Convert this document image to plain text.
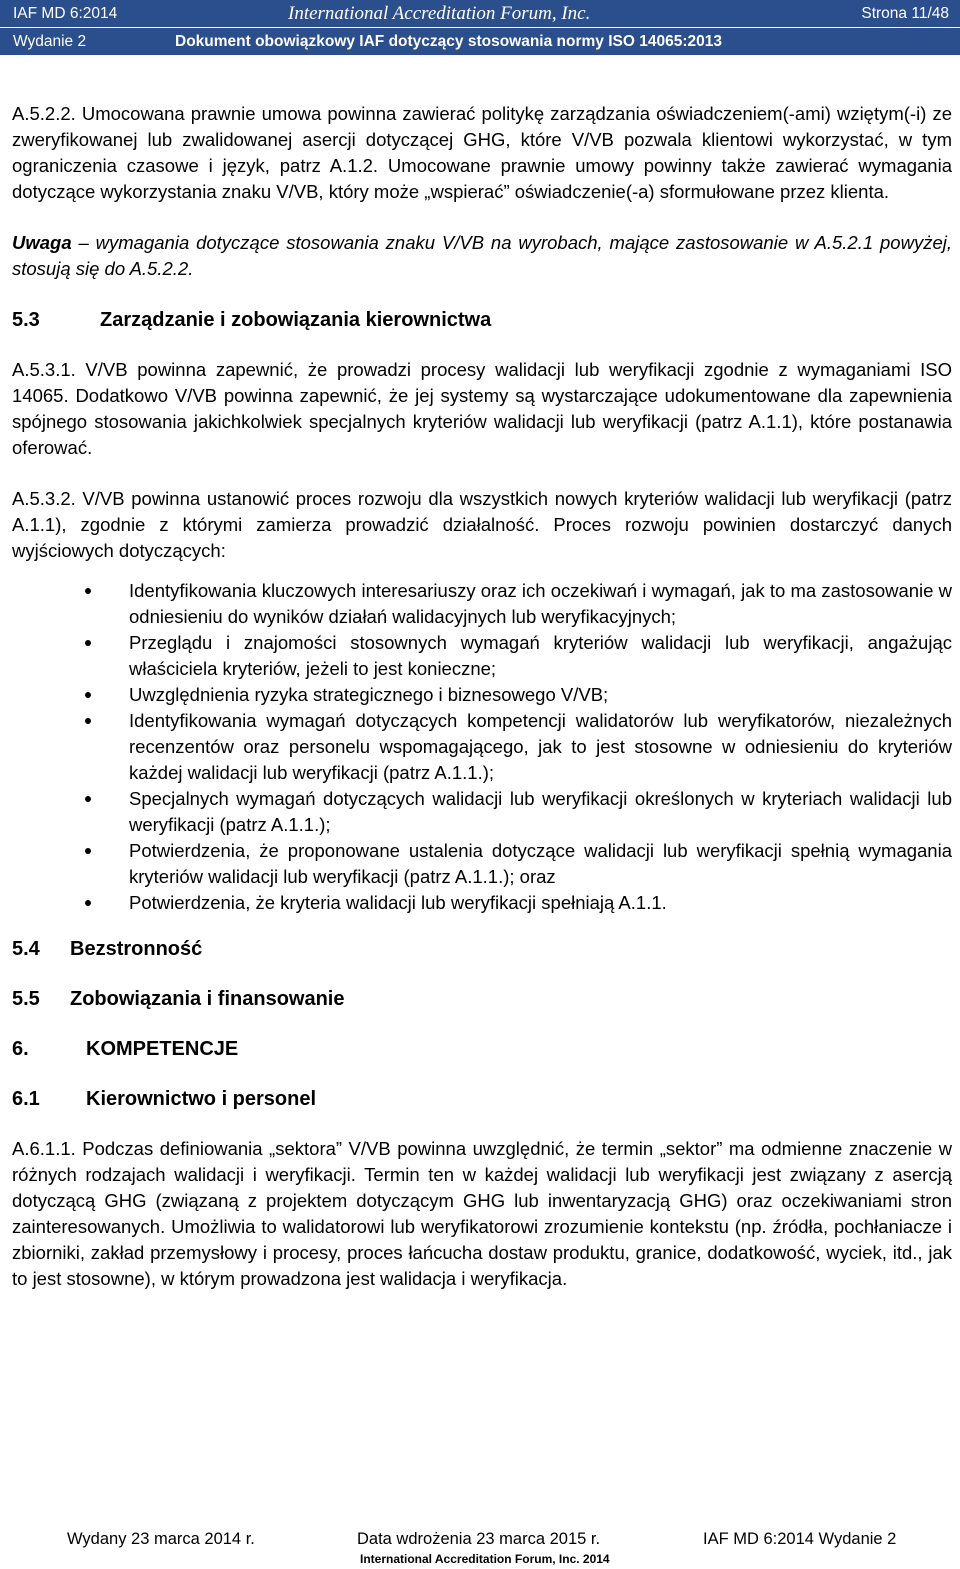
IAF MD 6:2014	International Accreditation Forum, Inc.	Strona 11/48
Wydanie 2	Dokument obowiązkowy IAF dotyczący stosowania normy ISO 14065:2013

A.5.2.2. Umocowana prawnie umowa powinna zawierać politykę zarządzania oświadczeniem(-ami) wziętym(-i) ze zweryfikowanej lub zwalidowanej asercji dotyczącej GHG, które V/VB pozwala klientowi wykorzystać, w tym ograniczenia czasowe i język, patrz A.1.2. Umocowane prawnie umowy powinny także zawierać wymagania dotyczące wykorzystania znaku V/VB, który może „wspierać” oświadczenie(-a) sformułowane przez klienta.

Uwaga – wymagania dotyczące stosowania znaku V/VB na wyrobach, mające zastosowanie w A.5.2.1 powyżej, stosują się do A.5.2.2.

5.3	Zarządzanie i zobowiązania kierownictwa

A.5.3.1. V/VB powinna zapewnić, że prowadzi procesy walidacji lub weryfikacji zgodnie z wymaganiami ISO 14065. Dodatkowo V/VB powinna zapewnić, że jej systemy są wystarczające udokumentowane dla zapewnienia spójnego stosowania jakichkolwiek specjalnych kryteriów walidacji lub weryfikacji (patrz A.1.1), które postanawia oferować.

A.5.3.2. V/VB powinna ustanowić proces rozwoju dla wszystkich nowych kryteriów walidacji lub weryfikacji (patrz A.1.1), zgodnie z którymi zamierza prowadzić działalność. Proces rozwoju powinien dostarczyć danych wyjściowych dotyczących:

Identyfikowania kluczowych interesariuszy oraz ich oczekiwań i wymagań, jak to ma zastosowanie w odniesieniu do wyników działań walidacyjnych lub weryfikacyjnych;
Przeglądu i znajomości stosownych wymagań kryteriów walidacji lub weryfikacji, angażując właściciela kryteriów, jeżeli to jest konieczne;
Uwzględnienia ryzyka strategicznego i biznesowego V/VB;
Identyfikowania wymagań dotyczących kompetencji walidatorów lub weryfikatorów, niezależnych recenzentów oraz personelu wspomagającego, jak to jest stosowne w odniesieniu do kryteriów każdej walidacji lub weryfikacji (patrz A.1.1.);
Specjalnych wymagań dotyczących walidacji lub weryfikacji określonych w kryteriach walidacji lub weryfikacji (patrz A.1.1.);
Potwierdzenia, że proponowane ustalenia dotyczące walidacji lub weryfikacji spełnią wymagania kryteriów walidacji lub weryfikacji (patrz A.1.1.); oraz
Potwierdzenia, że kryteria walidacji lub weryfikacji spełniają A.1.1.
5.4 Bezstronność
5.5 Zobowiązania i finansowanie
6.	KOMPETENCJE
6.1 Kierownictwo i personel

A.6.1.1. Podczas definiowania „sektora” V/VB powinna uwzględnić, że termin „sektor” ma odmienne znaczenie w różnych rodzajach walidacji i weryfikacji. Termin ten w każdej walidacji lub weryfikacji jest związany z asercją dotyczącą GHG (związaną z projektem dotyczącym GHG lub inwentaryzacją GHG) oraz oczekiwaniami stron zainteresowanych. Umożliwia to walidatorowi lub weryfikatorowi zrozumienie kontekstu (np. źródła, pochłaniacze i zbiorniki, zakład przemysłowy i procesy, proces łańcucha dostaw produktu, granice, dodatkowość, wyciek, itd., jak to jest stosowne), w którym prowadzona jest walidacja i weryfikacja.

Wydany 23 marca 2014 r.	Data wdrożenia 23 marca 2015 r.	IAF MD 6:2014 Wydanie 2
International Accreditation Forum, Inc. 2014
